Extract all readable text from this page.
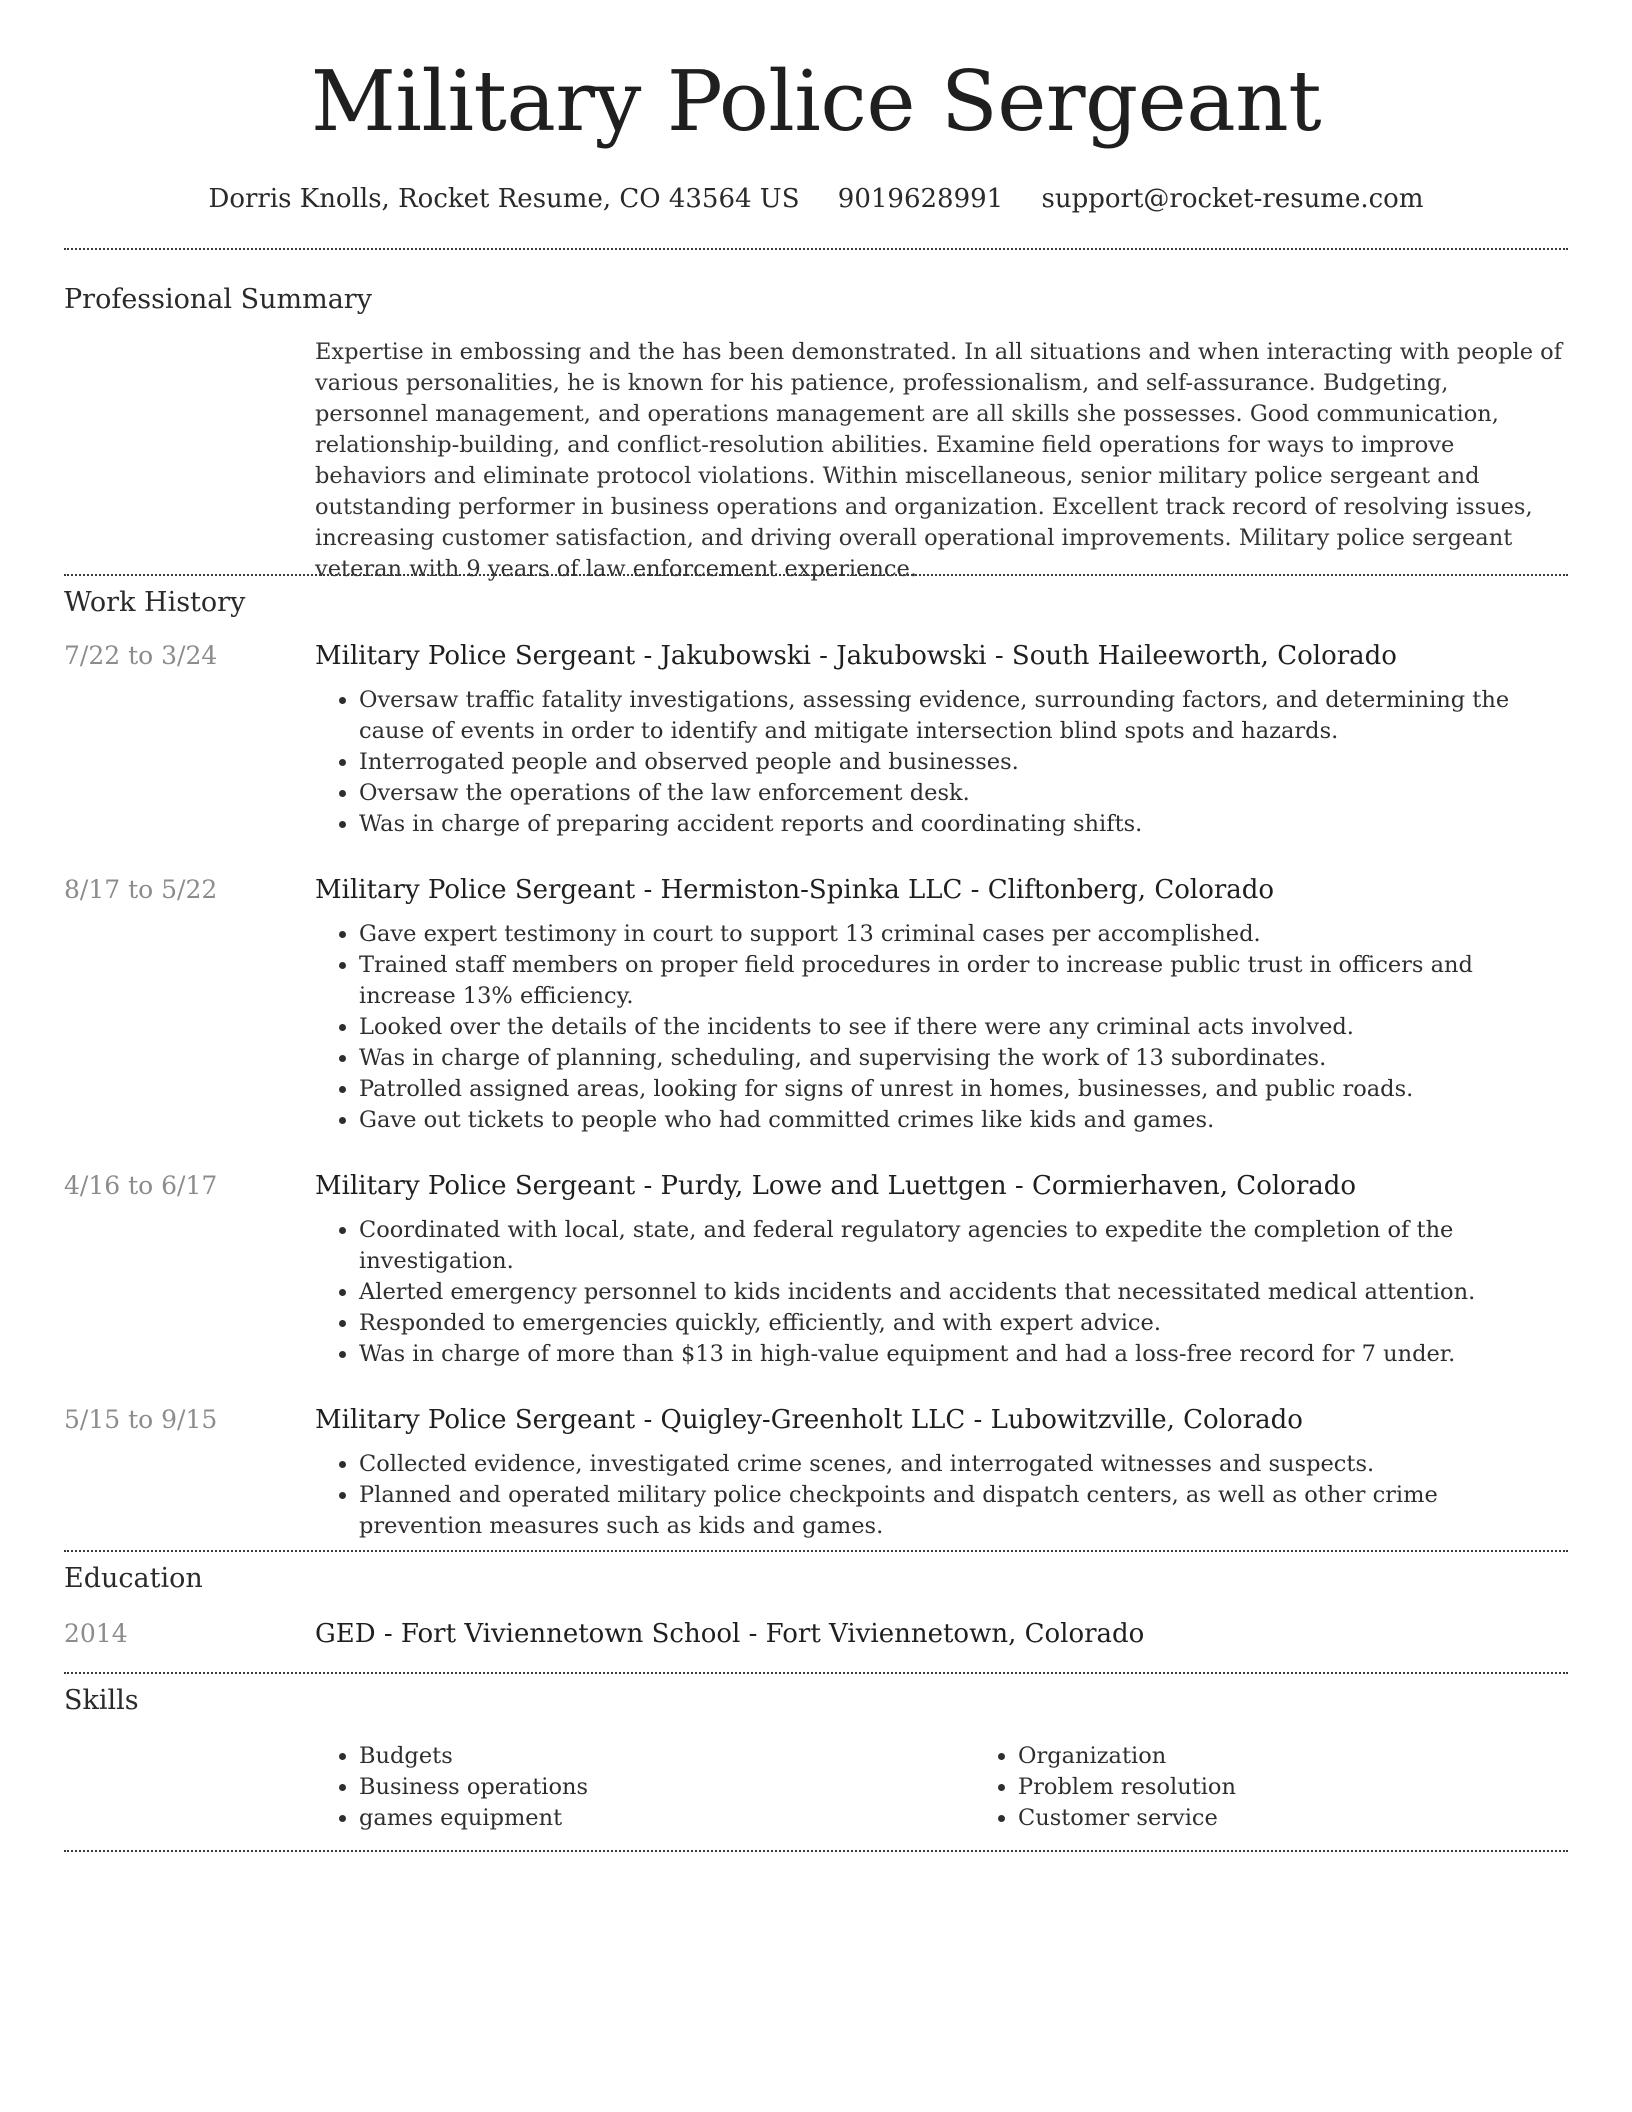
Military Police Sergeant
Dorris Knolls, Rocket Resume, CO 43564 US 9019628991 support@rocket-resume.com
Professional Summary

Expertise in embossing and the has been demonstrated. In all situations and when interacting with people of various personalities, he is known for his patience, professionalism, and self-assurance. Budgeting, personnel management, and operations management are all skills she possesses. Good communication, relationship-building, and conflict-resolution abilities. Examine field operations for ways to improve behaviors and eliminate protocol violations. Within miscellaneous, senior military police sergeant and outstanding performer in business operations and organization. Excellent track record of resolving issues, increasing customer satisfaction, and driving overall operational improvements. Military police sergeant veteran with 9 years of law enforcement experience.

Work History
7/22 to 3/24	Military Police Sergeant - Jakubowski - Jakubowski - South Haileeworth, Colorado
• Oversaw traffic fatality investigations, assessing evidence, surrounding factors, and determining the cause of events in order to identify and mitigate intersection blind spots and hazards.
• Interrogated people and observed people and businesses.
• Oversaw the operations of the law enforcement desk.
• Was in charge of preparing accident reports and coordinating shifts.
8/17 to 5/22	Military Police Sergeant - Hermiston-Spinka LLC - Cliftonberg, Colorado
• Gave expert testimony in court to support 13 criminal cases per accomplished.
• Trained staff members on proper field procedures in order to increase public trust in officers and increase 13% efficiency.
• Looked over the details of the incidents to see if there were any criminal acts involved.
• Was in charge of planning, scheduling, and supervising the work of 13 subordinates.
• Patrolled assigned areas, looking for signs of unrest in homes, businesses, and public roads.
• Gave out tickets to people who had committed crimes like kids and games.
4/16 to 6/17	Military Police Sergeant - Purdy, Lowe and Luettgen - Cormierhaven, Colorado
• Coordinated with local, state, and federal regulatory agencies to expedite the completion of the investigation.
• Alerted emergency personnel to kids incidents and accidents that necessitated medical attention.
• Responded to emergencies quickly, efficiently, and with expert advice.
• Was in charge of more than $13 in high-value equipment and had a loss-free record for 7 under.
5/15 to 9/15	Military Police Sergeant - Quigley-Greenholt LLC - Lubowitzville, Colorado
• Collected evidence, investigated crime scenes, and interrogated witnesses and suspects.
• Planned and operated military police checkpoints and dispatch centers, as well as other crime prevention measures such as kids and games.
Education
2014	GED - Fort Viviennetown School - Fort Viviennetown, Colorado
Skills
• Budgets
• Business operations
• games equipment
• Organization
• Problem resolution
• Customer service
